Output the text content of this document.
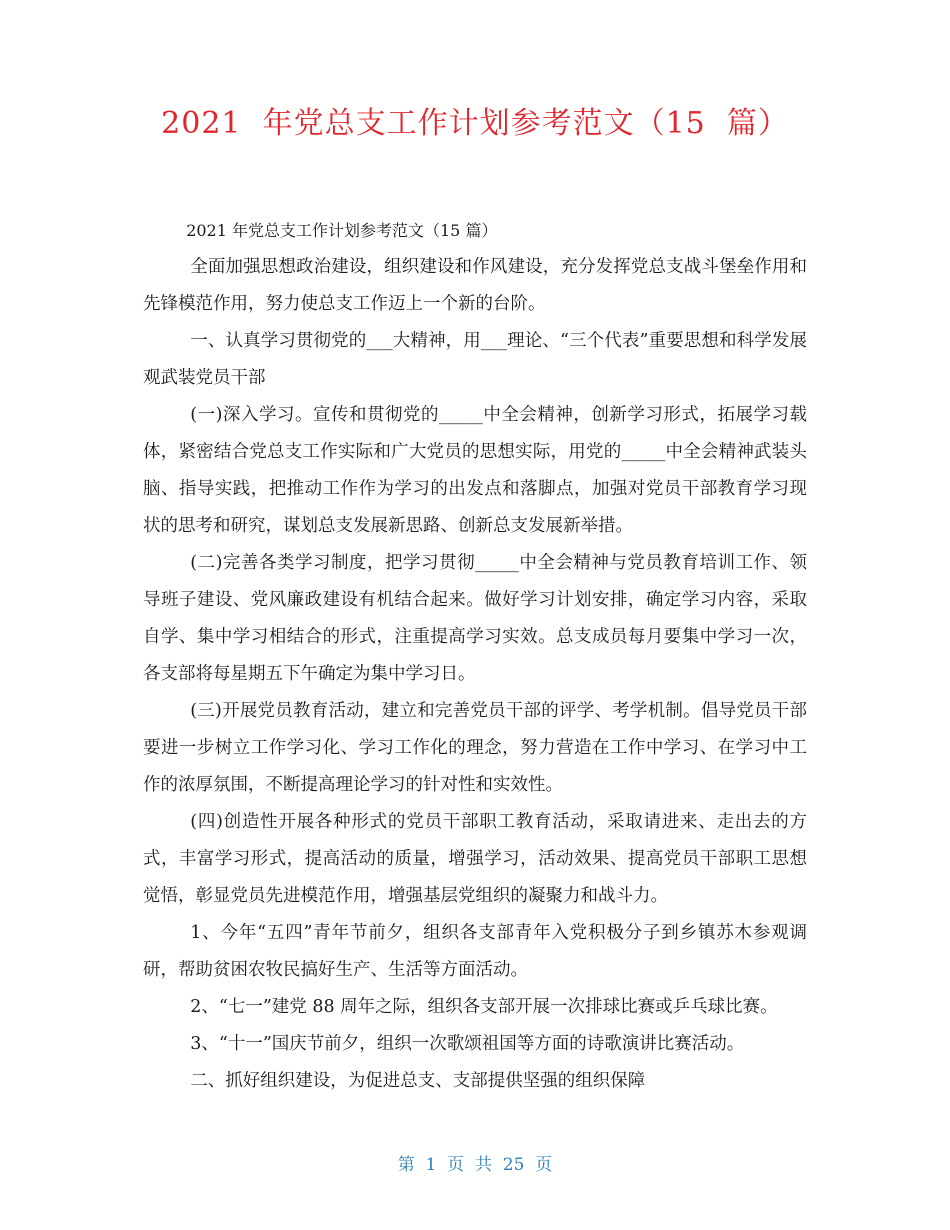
2021  年党总支工作计划参考范文（15  篇）

2021 年党总支工作计划参考范文（15 篇）

全面加强思想政治建设，组织建设和作风建设，充分发挥党总支战斗堡垒作用和先锋模范作用，努力使总支工作迈上一个新的台阶。

一、认真学习贯彻党的___大精神，用___理论、“三个代表”重要思想和科学发展观武装党员干部

(一)深入学习。宣传和贯彻党的_____中全会精神，创新学习形式，拓展学习载体，紧密结合党总支工作实际和广大党员的思想实际，用党的_____中全会精神武装头脑、指导实践，把推动工作作为学习的出发点和落脚点，加强对党员干部教育学习现状的思考和研究，谋划总支发展新思路、创新总支发展新举措。

(二)完善各类学习制度，把学习贯彻_____中全会精神与党员教育培训工作、领导班子建设、党风廉政建设有机结合起来。做好学习计划安排，确定学习内容，采取自学、集中学习相结合的形式，注重提高学习实效。总支成员每月要集中学习一次，各支部将每星期五下午确定为集中学习日。

(三)开展党员教育活动，建立和完善党员干部的评学、考学机制。倡导党员干部要进一步树立工作学习化、学习工作化的理念，努力营造在工作中学习、在学习中工作的浓厚氛围，不断提高理论学习的针对性和实效性。

(四)创造性开展各种形式的党员干部职工教育活动，采取请进来、走出去的方式，丰富学习形式，提高活动的质量，增强学习，活动效果、提高党员干部职工思想觉悟，彰显党员先进模范作用，增强基层党组织的凝聚力和战斗力。

1、今年“五四”青年节前夕，组织各支部青年入党积极分子到乡镇苏木参观调研，帮助贫困农牧民搞好生产、生活等方面活动。

2、“七一”建党 88 周年之际，组织各支部开展一次排球比赛或乒乓球比赛。

3、“十一”国庆节前夕，组织一次歌颂祖国等方面的诗歌演讲比赛活动。

二、抓好组织建设，为促进总支、支部提供坚强的组织保障

第  1  页  共  25  页
